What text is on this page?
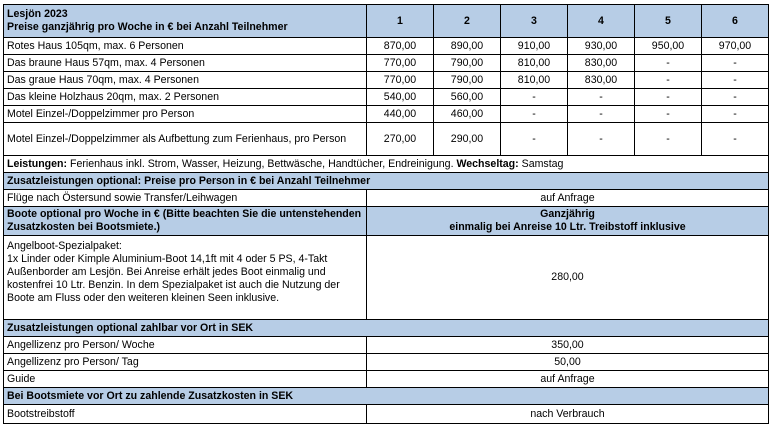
Lesjön 2023
Preise ganzjährig pro Woche in € bei Anzahl Teilnehmer	1	2	3	4	5	6
Rotes Haus 105qm, max. 6 Personen	870,00	890,00	910,00	930,00	950,00	970,00
Das braune Haus 57qm, max. 4 Personen	770,00	790,00	810,00	830,00	-	-
Das graue Haus 70qm, max. 4 Personen	770,00	790,00	810,00	830,00	-	-
Das kleine Holzhaus 20qm, max. 2 Personen	540,00	560,00	-	-	-	-
Motel Einzel-/Doppelzimmer pro Person	440,00	460,00	-	-	-	-
Motel Einzel-/Doppelzimmer als Aufbettung zum Ferienhaus, pro Person	270,00	290,00	-	-	-	-
Leistungen: Ferienhaus inkl. Strom, Wasser, Heizung, Bettwäsche, Handtücher, Endreinigung. Wechseltag: Samstag						
Zusatzleistungen optional: Preise pro Person in € bei Anzahl Teilnehmer						
Flüge nach Östersund sowie Transfer/Leihwagen	auf Anfrage					
Boote optional pro Woche in € (Bitte beachten Sie die untenstehenden Zusatzkosten bei Bootsmiete.)	Ganzjährig
einmalig bei Anreise 10 Ltr. Treibstoff inklusive					

Angelboot-Spezialpaket:
1x Linder oder Kimple Aluminium-Boot 14,1ft mit 4 oder 5 PS, 4-Takt Außenborder am Lesjön. Bei Anreise erhält jedes Boot einmalig und kostenfrei 10 Ltr. Benzin. In dem Spezialpaket ist auch die Nutzung der Boote am Fluss oder den weiteren kleinen Seen inklusive.	280,00					
Zusatzleistungen optional zahlbar vor Ort in SEK						
Angellizenz pro Person/ Woche	350,00					
Angellizenz pro Person/ Tag	50,00					
Guide	auf Anfrage					
Bei Bootsmiete vor Ort zu zahlende Zusatzkosten in SEK						
Bootstreibstoff	nach Verbrauch					
